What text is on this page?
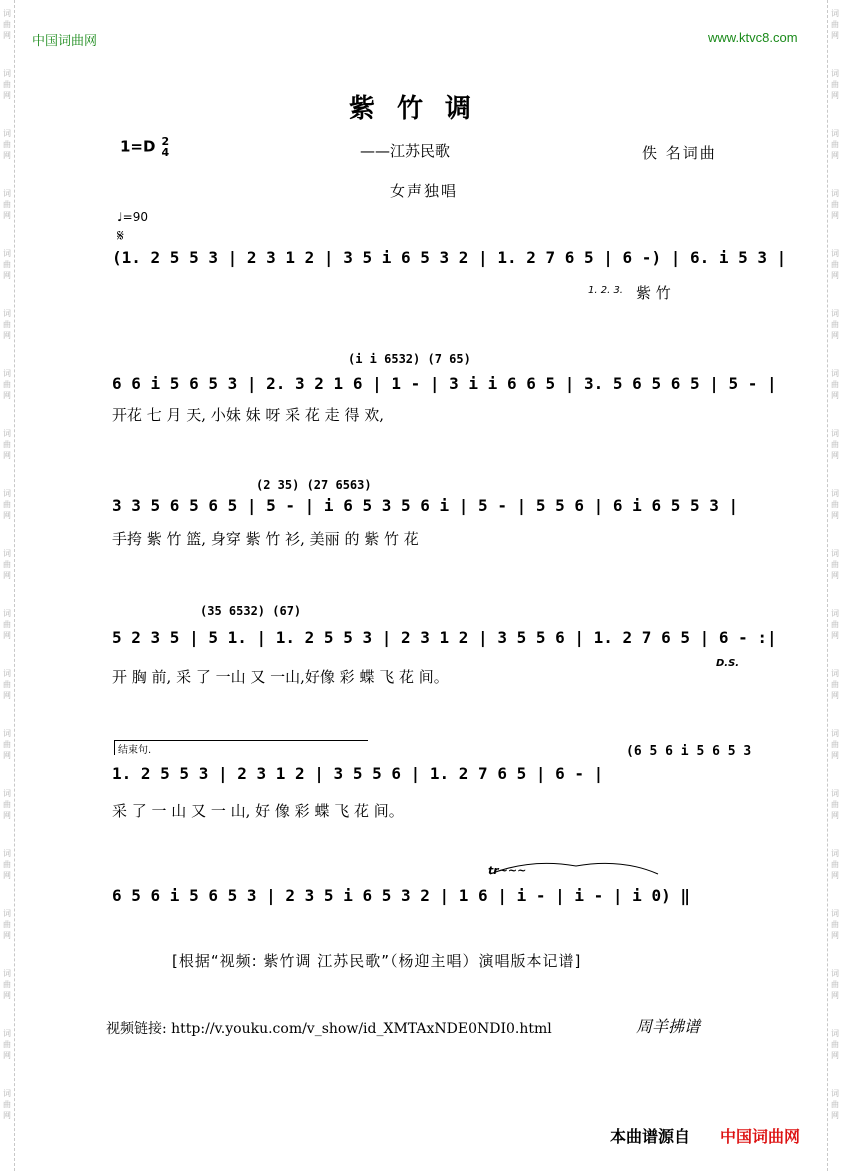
词
曲
网
词
曲
网
词
曲
网
词
曲
网
词
曲
网
词
曲
网
词
曲
网
词
曲
网
词
曲
网
词
曲
网
词
曲
网
词
曲
网
词
曲
网
词
曲
网
词
曲
网
词
曲
网
词
曲
网
词
曲
网
词
曲
网
词
曲
网
词
曲
网
词
曲
网
词
曲
网
词
曲
网
词
曲
网
词
曲
网
词
曲
网
词
曲
网
词
曲
网
词
曲
网
词
曲
网
词
曲
网
词
曲
网
词
曲
网
词
曲
网
词
曲
网
词
曲
网
词
曲
网
中国词曲网	www.ktvc8.com
紫竹调
1=D 2
4	——江苏民歌	佚 名词曲
女声独唱
♩=90
𝄋
(1. 2 5 5 3 | 2 3 1 2 | 3 5 i 6 5 3 2 | 1. 2 7 6 5 | 6 -) | 6. i 5 3 |
1. 2. 3. 紫 竹
(i i 6532) (7 65)
6 6 i 5 6 5 3 | 2. 3 2 1 6 | 1 - | 3 i i 6 6 5 | 3. 5 6 5 6 5 | 5 - |
开花 七 月 天, 小妹 妹 呀 采 花 走 得 欢,
(2 35) (27 6563)
3 3 5 6 5 6 5 | 5 - | i 6 5 3 5 6 i | 5 - | 5 5 6 | 6 i 6 5 5 3 |
手挎 紫 竹 篮, 身穿 紫 竹 衫, 美丽 的 紫 竹 花
(35 6532) (67)
5 2 3 5 | 5 1. | 1. 2 5 5 3 | 2 3 1 2 | 3 5 5 6 | 1. 2 7 6 5 | 6 - :|
开 胸 前, 采 了 一山 又 一山,好像 彩 蝶 飞 花 间。
D.S.
结束句.	(6 5 6 i 5 6 5 3
1. 2 5 5 3 | 2 3 1 2 | 3 5 5 6 | 1. 2 7 6 5 | 6 - |
采 了 一 山 又 一 山, 好 像 彩 蝶 飞 花 间。
tr~~~
6 5 6 i 5 6 5 3 | 2 3 5 i 6 5 3 2 | 1 6 | i - | i - | i 0) ‖
[根据“视频: 紫竹调 江苏民歌”（杨迎主唱）演唱版本记谱]
视频链接: http://v.youku.com/v_show/id_XMTAxNDE0NDI0.html	周羊拂谱
本曲谱源自 中国词曲网
